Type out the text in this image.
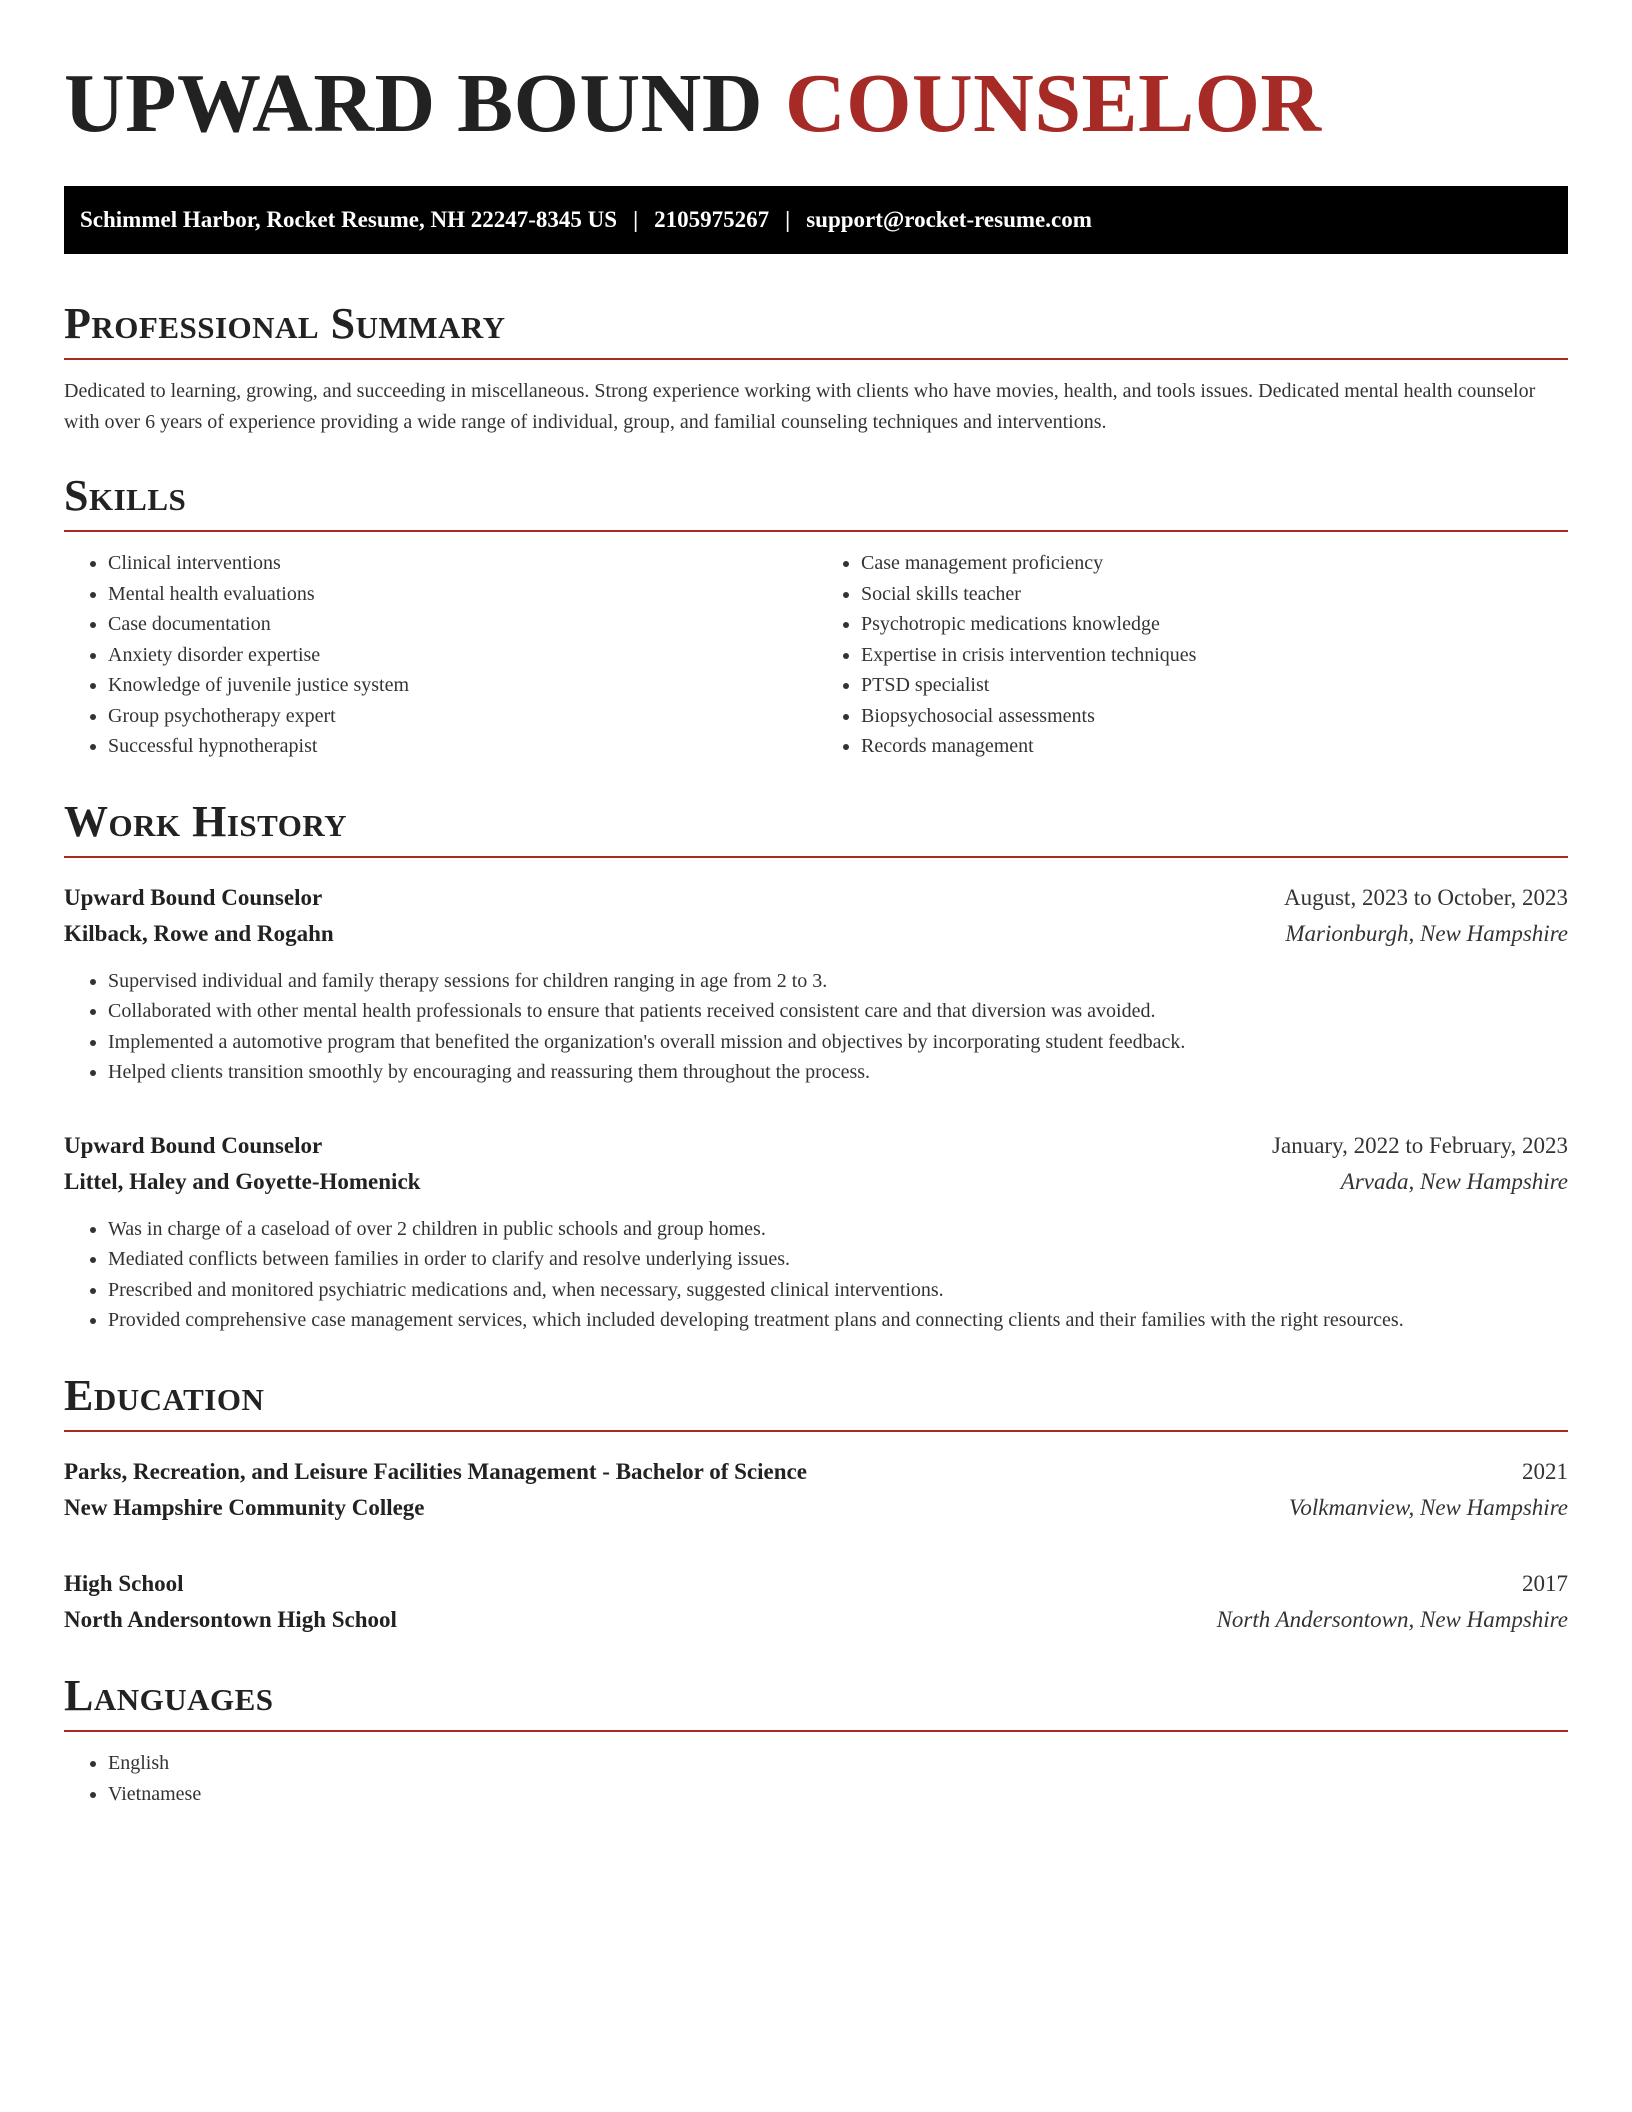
UPWARD BOUND COUNSELOR
Schimmel Harbor, Rocket Resume, NH 22247-8345 US | 2105975267 | support@rocket-resume.com
Professional Summary

Dedicated to learning, growing, and succeeding in miscellaneous. Strong experience working with clients who have movies, health, and tools issues. Dedicated mental health counselor with over 6 years of experience providing a wide range of individual, group, and familial counseling techniques and interventions.

Skills
• Clinical interventions
• Mental health evaluations
• Case documentation
• Anxiety disorder expertise
• Knowledge of juvenile justice system
• Group psychotherapy expert
• Successful hypnotherapist
• Case management proficiency
• Social skills teacher
• Psychotropic medications knowledge
• Expertise in crisis intervention techniques
• PTSD specialist
• Biopsychosocial assessments
• Records management
Work History
Upward Bound Counselor	August, 2023 to October, 2023
Kilback, Rowe and Rogahn	Marionburgh, New Hampshire
• Supervised individual and family therapy sessions for children ranging in age from 2 to 3.
• Collaborated with other mental health professionals to ensure that patients received consistent care and that diversion was avoided.
• Implemented a automotive program that benefited the organization's overall mission and objectives by incorporating student feedback.
• Helped clients transition smoothly by encouraging and reassuring them throughout the process.
Upward Bound Counselor	January, 2022 to February, 2023
Littel, Haley and Goyette-Homenick	Arvada, New Hampshire
• Was in charge of a caseload of over 2 children in public schools and group homes.
• Mediated conflicts between families in order to clarify and resolve underlying issues.
• Prescribed and monitored psychiatric medications and, when necessary, suggested clinical interventions.
• Provided comprehensive case management services, which included developing treatment plans and connecting clients and their families with the right resources.
Education
Parks, Recreation, and Leisure Facilities Management - Bachelor of Science	2021
New Hampshire Community College	Volkmanview, New Hampshire
High School	2017
North Andersontown High School	North Andersontown, New Hampshire
Languages
• English
• Vietnamese
